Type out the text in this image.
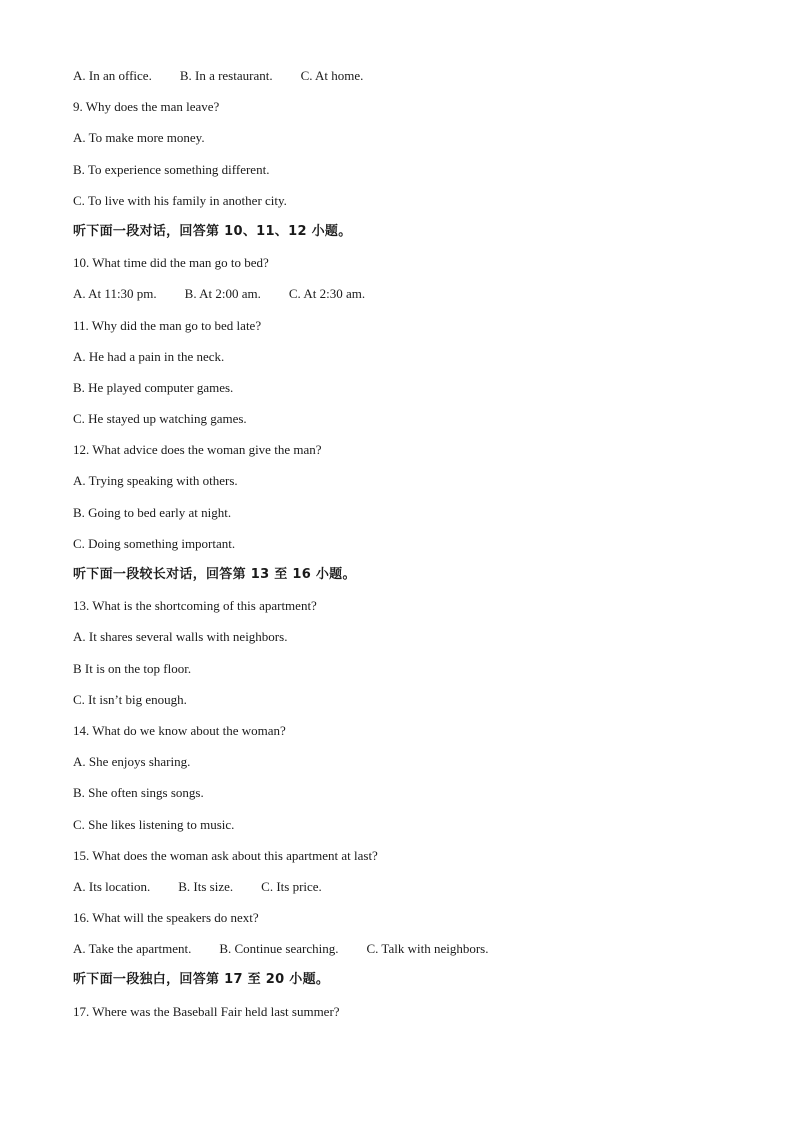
A. In an office. B. In a restaurant. C. At home.
9. Why does the man leave?
A. To make more money.
B. To experience something different.
C. To live with his family in another city.
听下面一段对话，回答第 10、11、12 小题。
10. What time did the man go to bed?
A. At 11:30 pm. B. At 2:00 am. C. At 2:30 am.
11. Why did the man go to bed late?
A. He had a pain in the neck.
B. He played computer games.
C. He stayed up watching games.
12. What advice does the woman give the man?
A. Trying speaking with others.
B. Going to bed early at night.
C. Doing something important.
听下面一段较长对话，回答第 13 至 16 小题。
13. What is the shortcoming of this apartment?
A. It shares several walls with neighbors.
B It is on the top floor.
C. It isn’t big enough.
14. What do we know about the woman?
A. She enjoys sharing.
B. She often sings songs.
C. She likes listening to music.
15. What does the woman ask about this apartment at last?
A. Its location. B. Its size. C. Its price.
16. What will the speakers do next?
A. Take the apartment. B. Continue searching. C. Talk with neighbors.
听下面一段独白，回答第 17 至 20 小题。
17. Where was the Baseball Fair held last summer?
